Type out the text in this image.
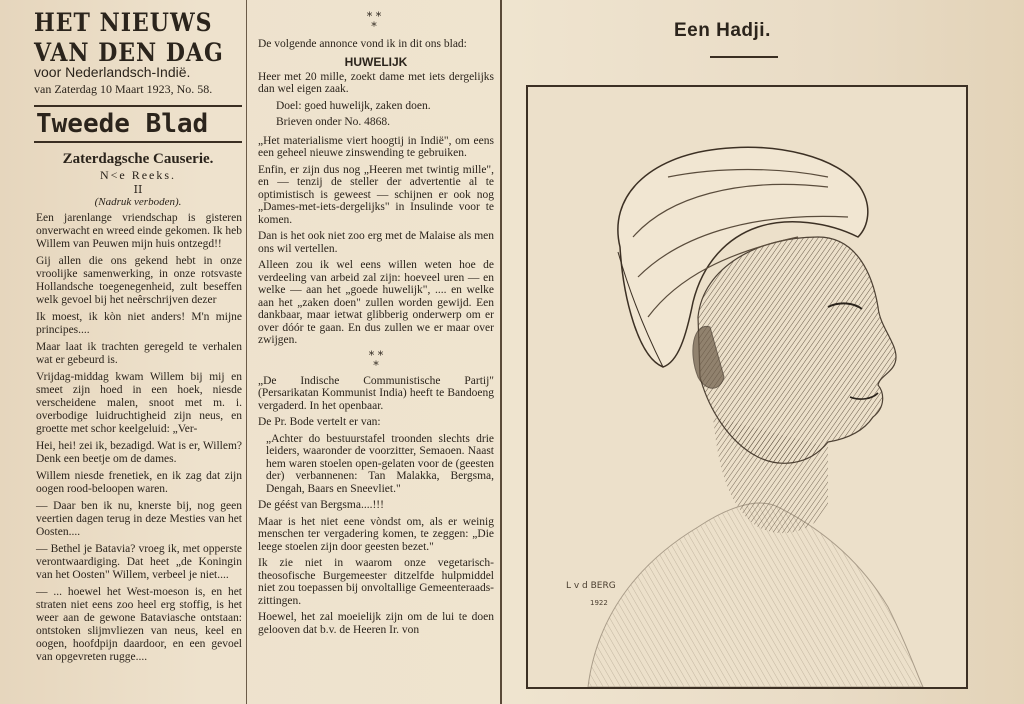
HET NIEUWS VAN DEN DAG
voor Nederlandsch-Indië.
van Zaterdag 10 Maart 1923, No. 58.
Tweede Blad
Zaterdagsche Causerie.
N<e Reeks.
II
(Nadruk verboden).

Een jarenlange vriendschap is gisteren onverwacht en wreed einde gekomen. Ik heb Willem van Peuwen mijn huis ontzegd!!

Gij allen die ons gekend hebt in onze vroolijke samenwerking, in onze rotsvaste Hollandsche toegenegenheid, zult beseffen welk gevoel bij het neêrschrijven dezer

Ik moest, ik kòn niet anders! M'n mijne principes....

Maar laat ik trachten geregeld te verhalen wat er gebeurd is.

Vrijdag-middag kwam Willem bij mij en smeet zijn hoed in een hoek, niesde verscheidene malen, snoot met m. i. overbodige luidruchtigheid zijn neus, en groette met schor keelgeluid: „Ver-

Hei, hei! zei ik, bezadigd. Wat is er, Willem? Denk een beetje om de dames.

Willem niesde frenetiek, en ik zag dat zijn oogen rood-beloopen waren.

— Daar ben ik nu, knerste bij, nog geen veertien dagen terug in deze Mesties van het Oosten....

— Bethel je Batavia? vroeg ik, met opperste verontwaardiging. Dat heet „de Koningin van het Oosten" Willem, verbeel je niet....

— ... hoewel het West-moeson is, en het straten niet eens zoo heel erg stoffig, is het weer aan de gewone Bataviasche ontstaan: ontstoken slijmvliezen van neus, keel en oogen, hoofdpijn daardoor, en een gevoel van opgevreten rugge....

* *
*

De volgende annonce vond ik in dit ons blad:

HUWELIJK

Heer met 20 mille, zoekt dame met iets dergelijks dan wel eigen zaak.

Doel: goed huwelijk, zaken doen.

Brieven onder No. 4868.

„Het materialisme viert hoogtij in Indië", om eens een geheel nieuwe zinswending te gebruiken.

Enfin, er zijn dus nog „Heeren met twintig mille", en — tenzij de steller der advertentie al te optimistisch is geweest — schijnen er ook nog „Dames-met-iets-dergelijks" in Insulinde voor te komen.

Dan is het ook niet zoo erg met de Malaise als men ons wil vertellen.

Alleen zou ik wel eens willen weten hoe de verdeeling van arbeid zal zijn: hoeveel uren — en welke — aan het „goede huwelijk", .... en welke aan het „zaken doen" zullen worden gewijd. Een dankbaar, maar ietwat glibberig onderwerp om er over dóór te gaan. En dus zullen we er maar over zwijgen.

* *
*

„De Indische Communistische Partij" (Persarikatan Kommunist India) heeft te Bandoeng vergaderd. In het openbaar.

De Pr. Bode vertelt er van:

„Achter do bestuurstafel troonden slechts drie leiders, waaronder de voorzitter, Semaoen. Naast hem waren stoelen open-gelaten voor de (geesten der) verbannenen: Tan Malakka, Bergsma, Dengah, Baars en Sneevliet."

De géést van Bergsma....!!!

Maar is het niet eene vòndst om, als er weinig menschen ter vergadering komen, te zeggen: „Die leege stoelen zijn door geesten bezet."

Ik zie niet in waarom onze vegetarisch-theosofische Burgemeester ditzelfde hulpmiddel niet zou toepassen bij onvoltallige Gemeenteraads-zittingen.

Hoewel, het zal moeielijk zijn om de lui te doen gelooven dat b.v. de Heeren Ir. von

Een Hadji.
L v d BERG
1922
